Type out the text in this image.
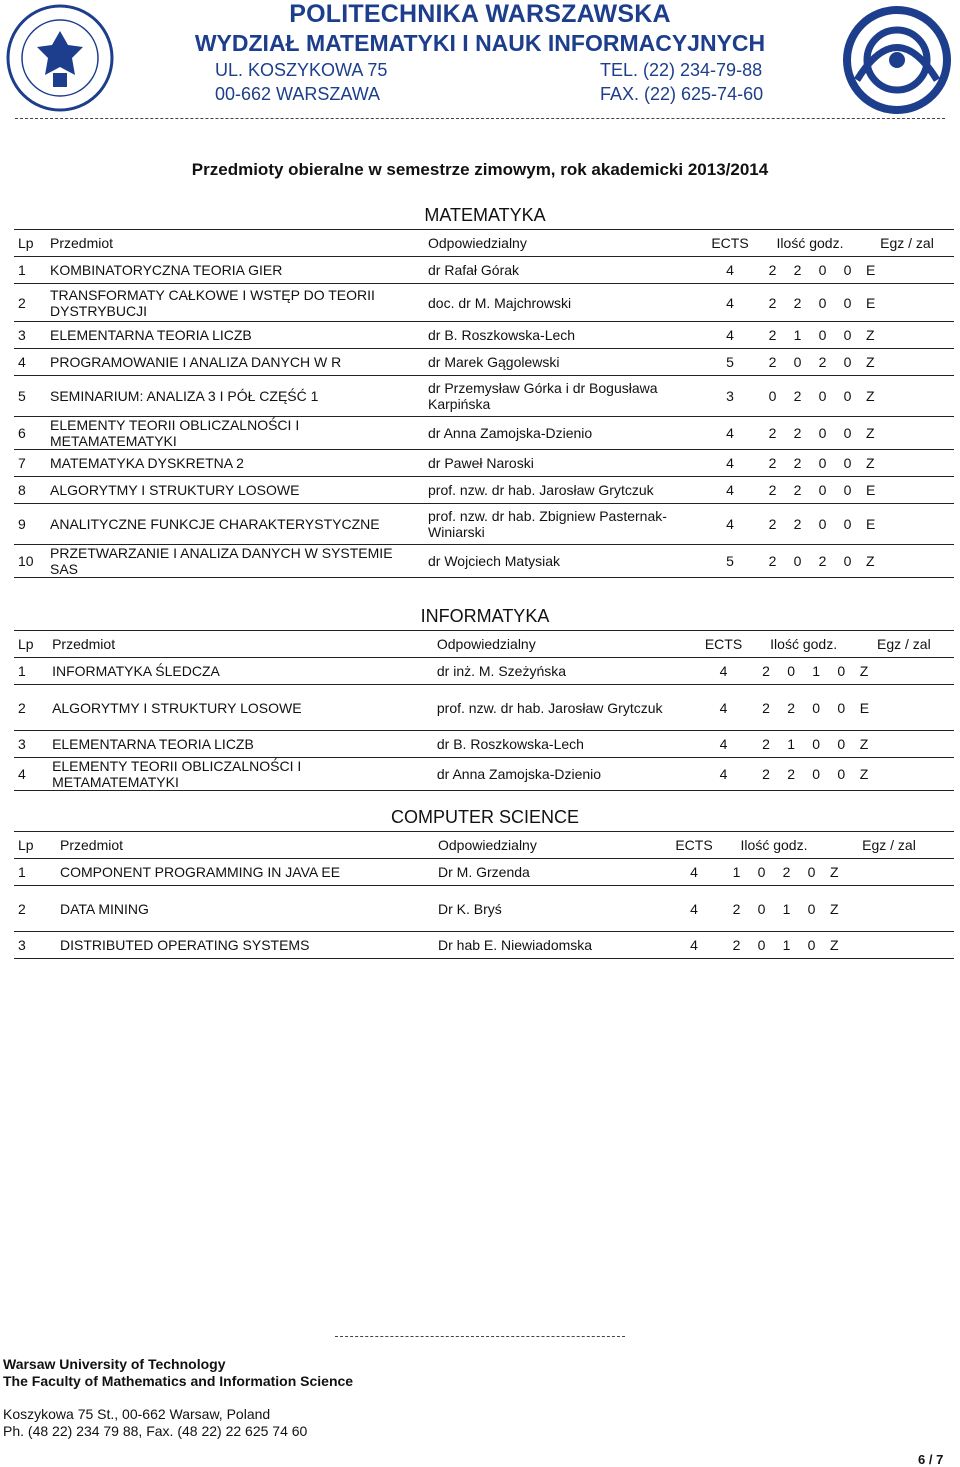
POLITECHNIKA WARSZAWSKA
WYDZIAŁ MATEMATYKI I NAUK INFORMACYJNYCH
UL. KOSZYKOWA 75
00-662 WARSZAWA
TEL. (22) 234-79-88
FAX. (22) 625-74-60
Przedmioty obieralne w semestrze zimowym, rok akademicki 2013/2014
MATEMATYKA
Lp	Przedmiot	Odpowiedzialny	ECTS	Ilość godz.				Egz / zal
1	KOMBINATORYCZNA TEORIA GIER	dr Rafał Górak	4	2	2	0	0	E
2	TRANSFORMATY CAŁKOWE I WSTĘP DO TEORII DYSTRYBUCJI	doc. dr M. Majchrowski	4	2	2	0	0	E
3	ELEMENTARNA TEORIA LICZB	dr B. Roszkowska-Lech	4	2	1	0	0	Z
4	PROGRAMOWANIE I ANALIZA DANYCH W R	dr Marek Gągolewski	5	2	0	2	0	Z
5	SEMINARIUM: ANALIZA 3 I PÓŁ CZĘŚĆ 1	dr Przemysław Górka i dr Bogusława Karpińska	3	0	2	0	0	Z
6	ELEMENTY TEORII OBLICZALNOŚCI I METAMATEMATYKI	dr Anna Zamojska-Dzienio	4	2	2	0	0	Z
7	MATEMATYKA DYSKRETNA 2	dr Paweł Naroski	4	2	2	0	0	Z
8	ALGORYTMY I STRUKTURY LOSOWE	prof. nzw. dr hab. Jarosław Grytczuk	4	2	2	0	0	E
9	ANALITYCZNE FUNKCJE CHARAKTERYSTYCZNE	prof. nzw. dr hab. Zbigniew Pasternak-Winiarski	4	2	2	0	0	E
10	PRZETWARZANIE I ANALIZA DANYCH W SYSTEMIE SAS	dr Wojciech Matysiak	5	2	0	2	0	Z
INFORMATYKA
Lp	Przedmiot	Odpowiedzialny	ECTS	Ilość godz.				Egz / zal
1	INFORMATYKA ŚLEDCZA	dr inż. M. Szeżyńska	4	2	0	1	0	Z
2	ALGORYTMY I STRUKTURY LOSOWE	prof. nzw. dr hab. Jarosław Grytczuk	4	2	2	0	0	E
3	ELEMENTARNA TEORIA LICZB	dr B. Roszkowska-Lech	4	2	1	0	0	Z
4	ELEMENTY TEORII OBLICZALNOŚCI I METAMATEMATYKI	dr Anna Zamojska-Dzienio	4	2	2	0	0	Z
COMPUTER SCIENCE
Lp	Przedmiot	Odpowiedzialny	ECTS	Ilość godz.				Egz / zal
1	COMPONENT PROGRAMMING IN JAVA EE	Dr M. Grzenda	4	1	0	2	0	Z
2	DATA MINING	Dr K. Bryś	4	2	0	1	0	Z
3	DISTRIBUTED OPERATING SYSTEMS	Dr hab E. Niewiadomska	4	2	0	1	0	Z
Warsaw University of Technology
The Faculty of Mathematics and Information Science
Koszykowa 75 St., 00-662 Warsaw, Poland
Ph. (48 22) 234 79 88, Fax. (48 22) 22 625 74 60
6 / 7
